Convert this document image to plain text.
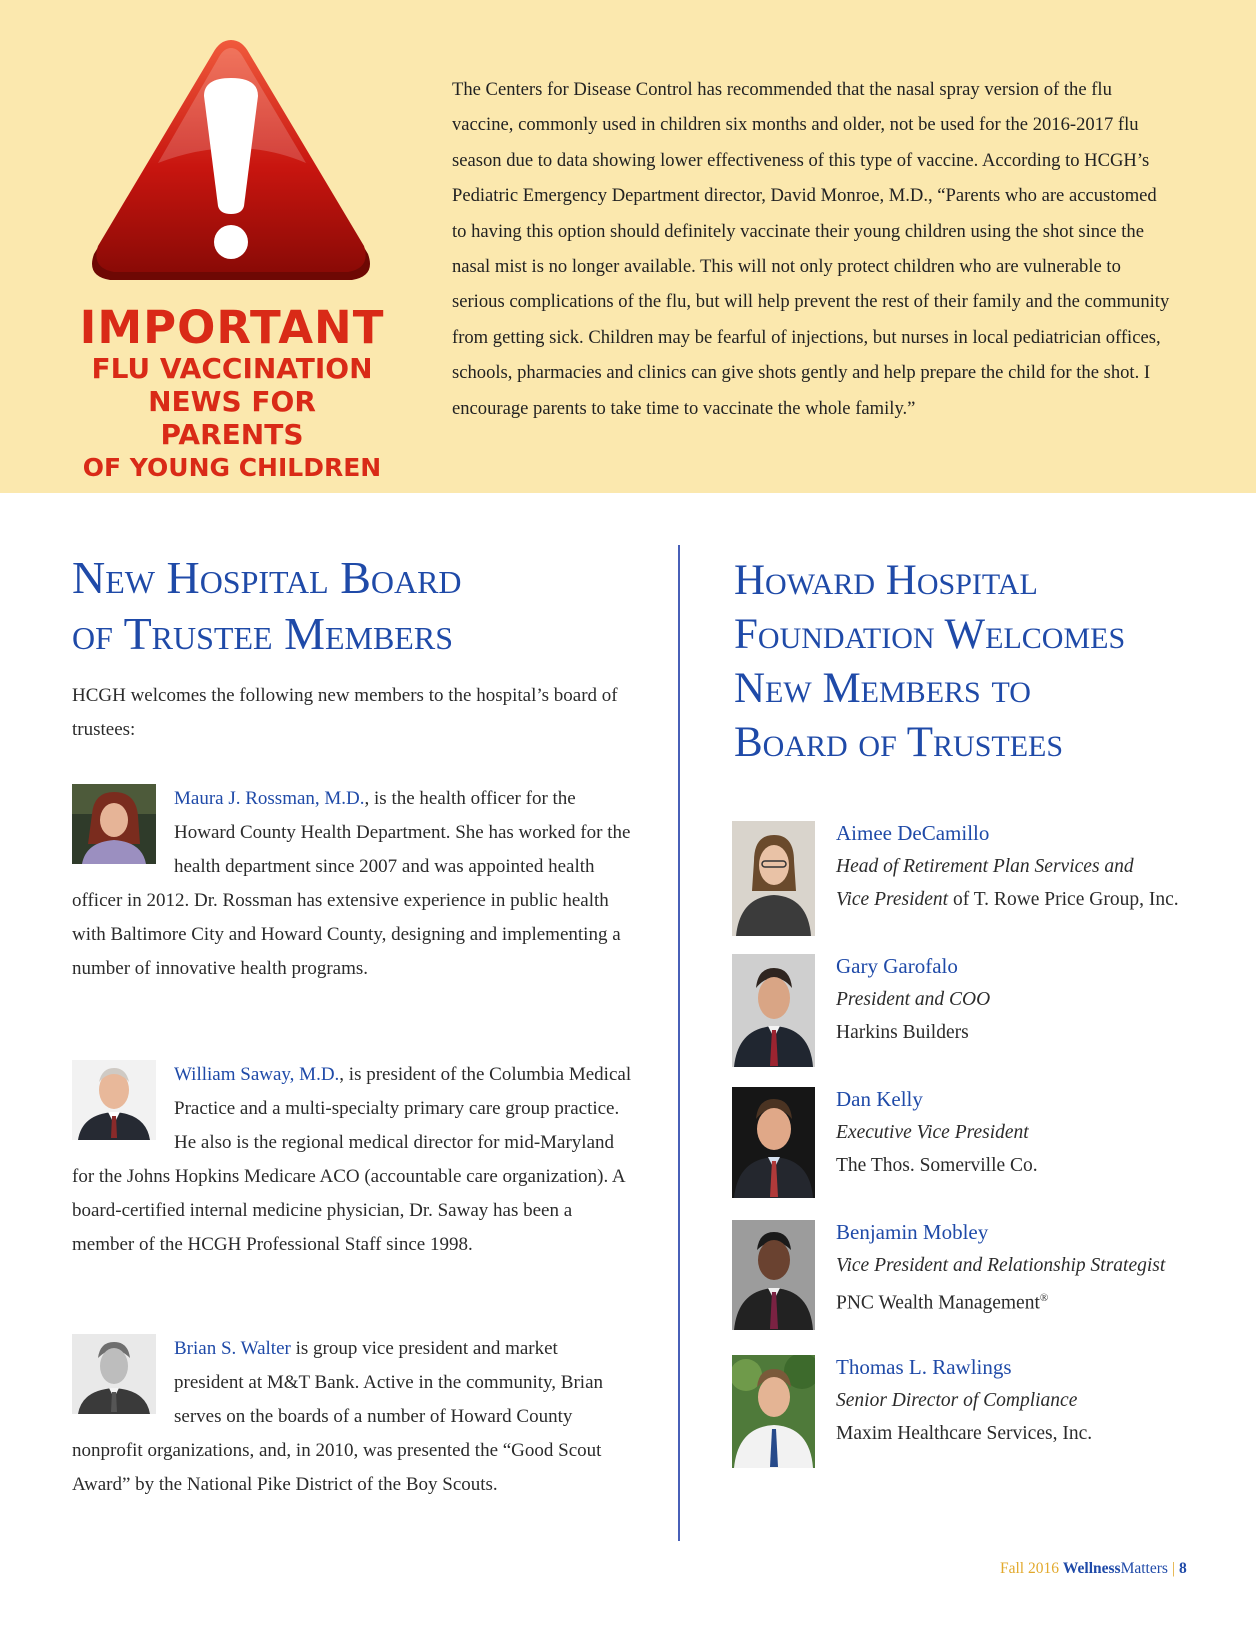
IMPORTANT
FLU VACCINATION
NEWS FOR PARENTS
OF YOUNG CHILDREN
The Centers for Disease Control has recommended that the nasal spray version of the flu vaccine, commonly used in children six months and older, not be used for the 2016-2017 flu season due to data showing lower effectiveness of this type of vaccine. According to HCGH’s Pediatric Emergency Department director, David Monroe, M.D., “Parents who are accustomed to having this option should definitely vaccinate their young children using the shot since the nasal mist is no longer available. This will not only protect children who are vulnerable to serious complications of the flu, but will help prevent the rest of their family and the community from getting sick. Children may be fearful of injections, but nurses in local pediatrician offices, schools, pharmacies and clinics can give shots gently and help prepare the child for the shot. I encourage parents to take time to vaccinate the whole family.”
New Hospital Board
of Trustee Members
HCGH welcomes the following new members to the hospital’s board of trustees:
Maura J. Rossman, M.D., is the health officer for the Howard County Health Department. She has worked for the health department since 2007 and was appointed health officer in 2012. Dr. Rossman has extensive experience in public health with Baltimore City and Howard County, designing and implementing a number of innovative health programs.
William Saway, M.D., is president of the Columbia Medical Practice and a multi-specialty primary care group practice. He also is the regional medical director for mid-Maryland for the Johns Hopkins Medicare ACO (accountable care organization). A board-certified internal medicine physician, Dr. Saway has been a member of the HCGH Professional Staff since 1998.
Brian S. Walter is group vice president and market president at M&T Bank. Active in the community, Brian serves on the boards of a number of Howard County nonprofit organizations, and, in 2010, was presented the “Good Scout Award” by the National Pike District of the Boy Scouts.
Howard Hospital
Foundation Welcomes
New Members to
Board of Trustees
Aimee DeCamillo
Head of Retirement Plan Services and
Vice President of T. Rowe Price Group, Inc.
Gary Garofalo
President and COO
Harkins Builders
Dan Kelly
Executive Vice President
The Thos. Somerville Co.
Benjamin Mobley
Vice President and Relationship Strategist
PNC Wealth Management®
Thomas L. Rawlings
Senior Director of Compliance
Maxim Healthcare Services, Inc.
Fall 2016 WellnessMatters | 8
